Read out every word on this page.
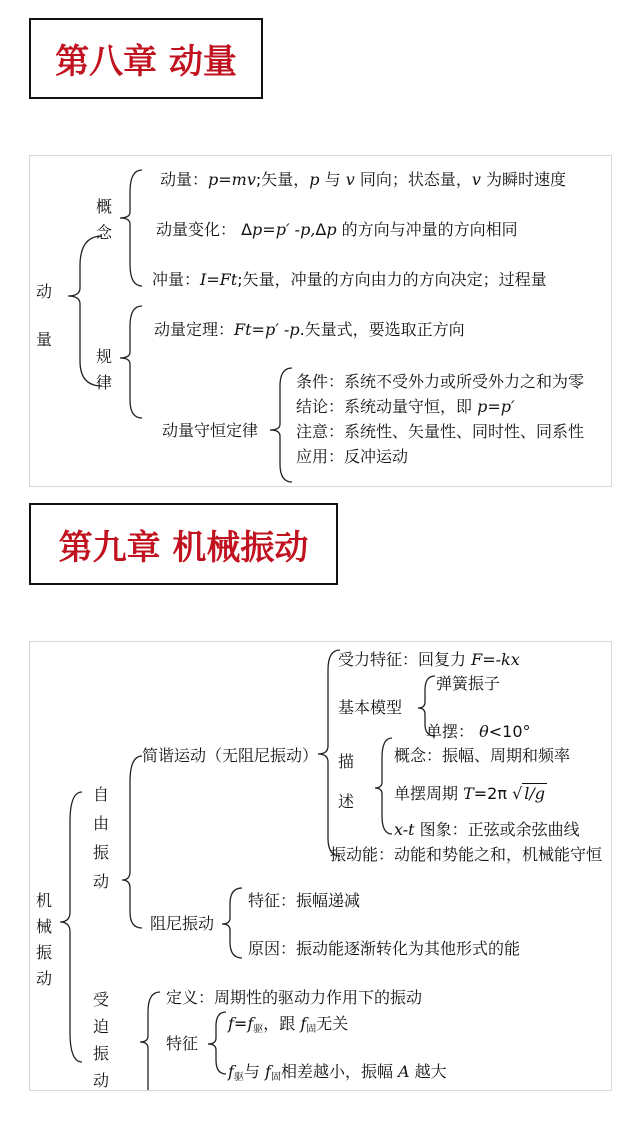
第八章 动量
动量
概念
规律
动量：p=mv;矢量，p 与 v 同向；状态量，v 为瞬时速度
动量变化： Δp=p′ -p,Δp 的方向与冲量的方向相同
冲量：I=Ft;矢量，冲量的方向由力的方向决定；过程量
动量定理：Ft=p′ -p.矢量式，要选取正方向
动量守恒定律
条件：系统不受外力或所受外力之和为零
结论：系统动量守恒，即 p=p′
注意：系统性、矢量性、同时性、同系性
应用：反冲运动
第九章 机械振动
机械振动
自由振动
受迫振动
简谐运动（无阻尼振动）
受力特征：回复力 F=-kx
基本模型
弹簧振子
单摆： θ<10°
描述
概念：振幅、周期和频率
单摆周期 T=2π √ l/g
x-t 图象：正弦或余弦曲线
振动能：动能和势能之和，机械能守恒
阻尼振动
特征：振幅递减
原因：振动能逐渐转化为其他形式的能
定义：周期性的驱动力作用下的振动
特征
$f=f_驱$，跟 $f_固$无关
$f_驱$与 $f_固$相差越小，振幅 A 越大
